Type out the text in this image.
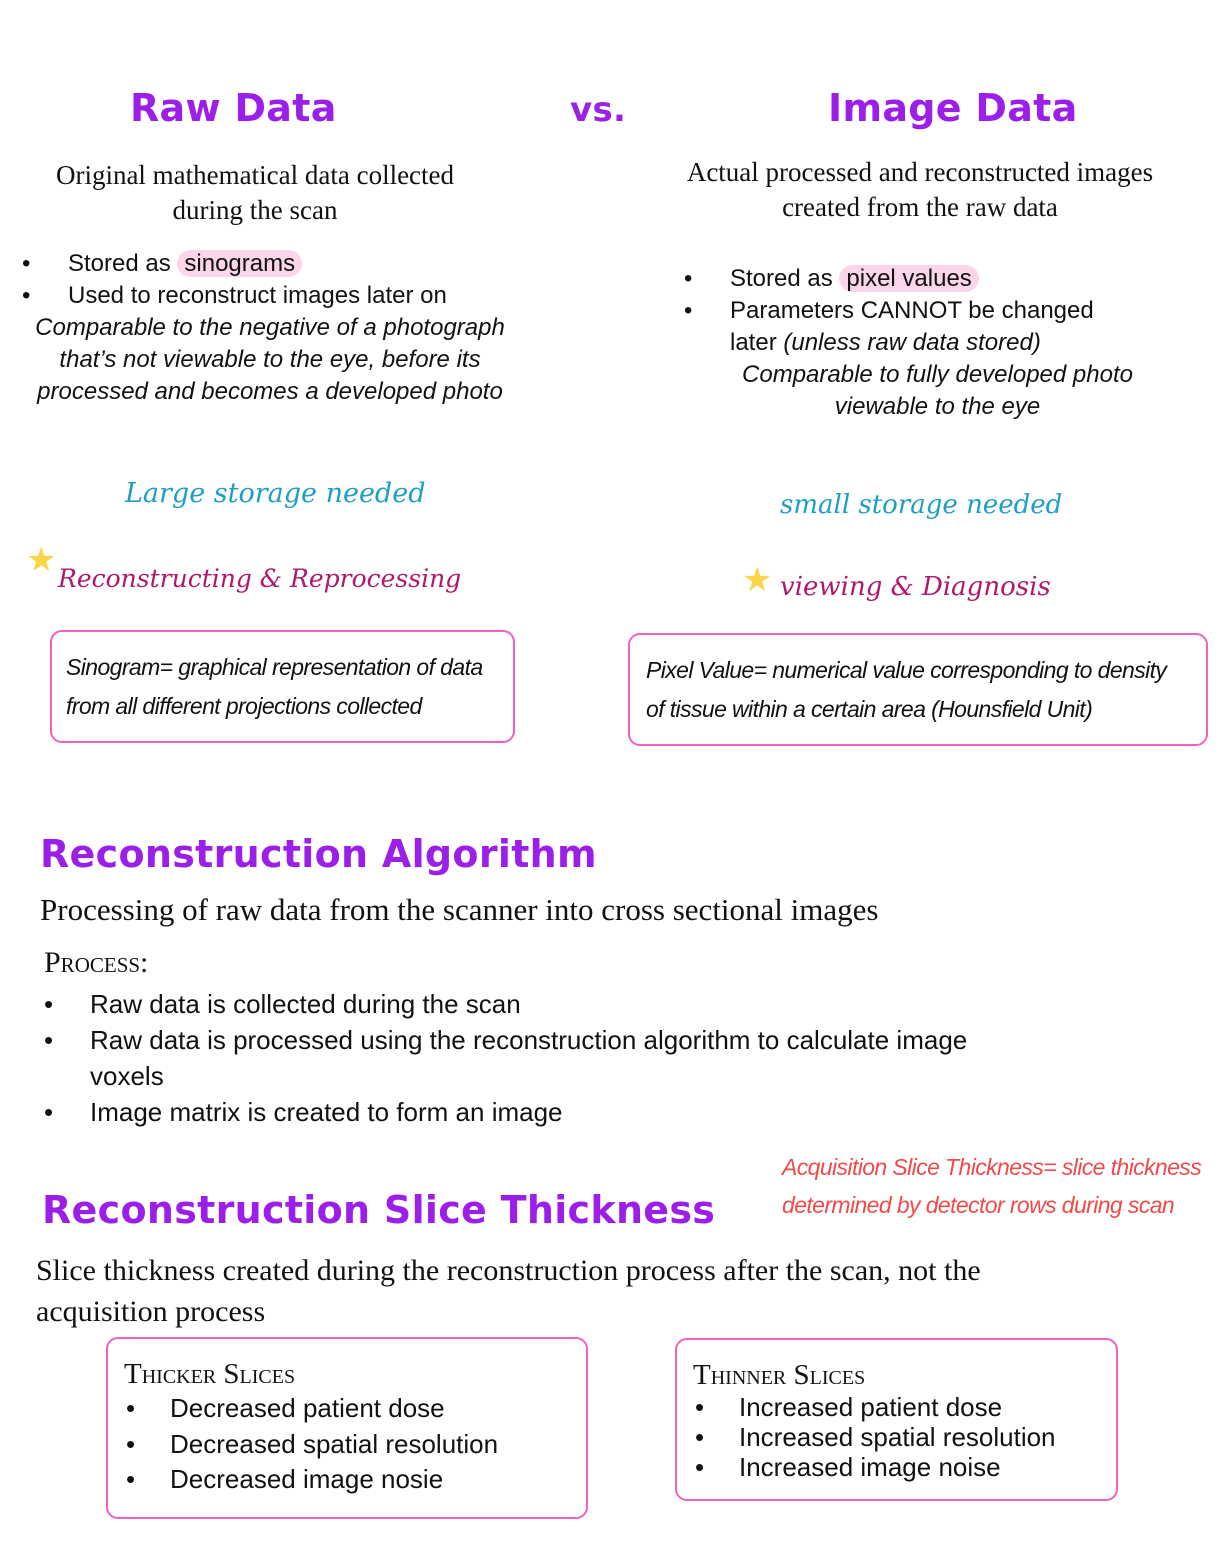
Raw Data	vs.	Image Data
Original mathematical data collected
during the scan
• Stored as sinograms
• Used to reconstruct images later on
Comparable to the negative of a photograph that’s not viewable to the eye, before its processed and becomes a developed photo
Large storage needed
★ Reconstructing & Reprocessing
Sinogram= graphical representation of data
from all different projections collected
Actual processed and reconstructed images
created from the raw data
• Stored as pixel values
• Parameters CANNOT be changed
later (unless raw data stored)
Comparable to fully developed photo
viewable to the eye
small storage needed
★ viewing & Diagnosis
Pixel Value= numerical value corresponding to density
of tissue within a certain area (Hounsfield Unit)
Reconstruction Algorithm
Processing of raw data from the scanner into cross sectional images
Process:
• Raw data is collected during the scan
• Raw data is processed using the reconstruction algorithm to calculate image
voxels
• Image matrix is created to form an image
Acquisition Slice Thickness= slice thickness
determined by detector rows during scan
Reconstruction Slice Thickness
Slice thickness created during the reconstruction process after the scan, not the
acquisition process
Thicker Slices
• Decreased patient dose
• Decreased spatial resolution
• Decreased image nosie
Thinner Slices
• Increased patient dose
• Increased spatial resolution
• Increased image noise
